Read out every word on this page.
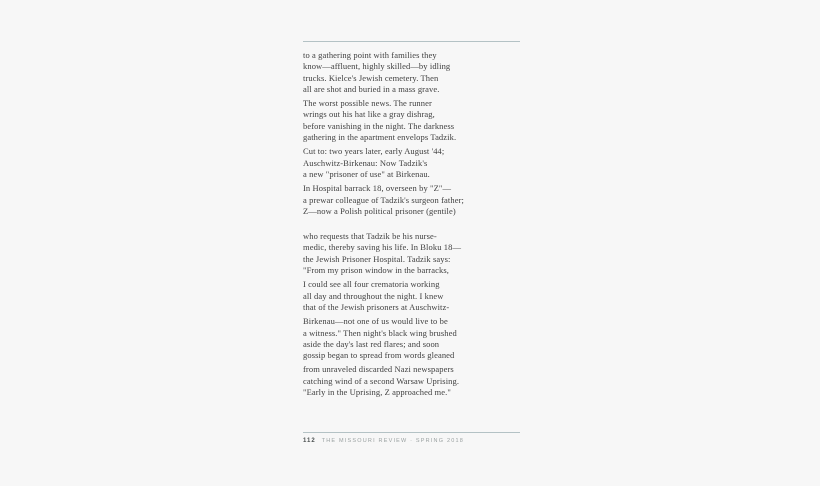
to a gathering point with families they
know—affluent, highly skilled—by idling
trucks. Kielce's Jewish cemetery. Then
all are shot and buried in a mass grave.
The worst possible news. The runner
wrings out his hat like a gray dishrag,
before vanishing in the night. The darkness
gathering in the apartment envelops Tadzik.
Cut to: two years later, early August '44;
Auschwitz-Birkenau: Now Tadzik's
a new "prisoner of use" at Birkenau.
In Hospital barrack 18, overseen by "Z"—
a prewar colleague of Tadzik's surgeon father;
Z—now a Polish political prisoner (gentile)
who requests that Tadzik be his nurse-
medic, thereby saving his life. In Bloku 18—
the Jewish Prisoner Hospital. Tadzik says:
"From my prison window in the barracks,
I could see all four crematoria working
all day and throughout the night. I knew
that of the Jewish prisoners at Auschwitz-
Birkenau—not one of us would live to be
a witness." Then night's black wing brushed
aside the day's last red flares; and soon
gossip began to spread from words gleaned
from unraveled discarded Nazi newspapers
catching wind of a second Warsaw Uprising.
"Early in the Uprising, Z approached me."
112 THE MISSOURI REVIEW · SPRING 2018
